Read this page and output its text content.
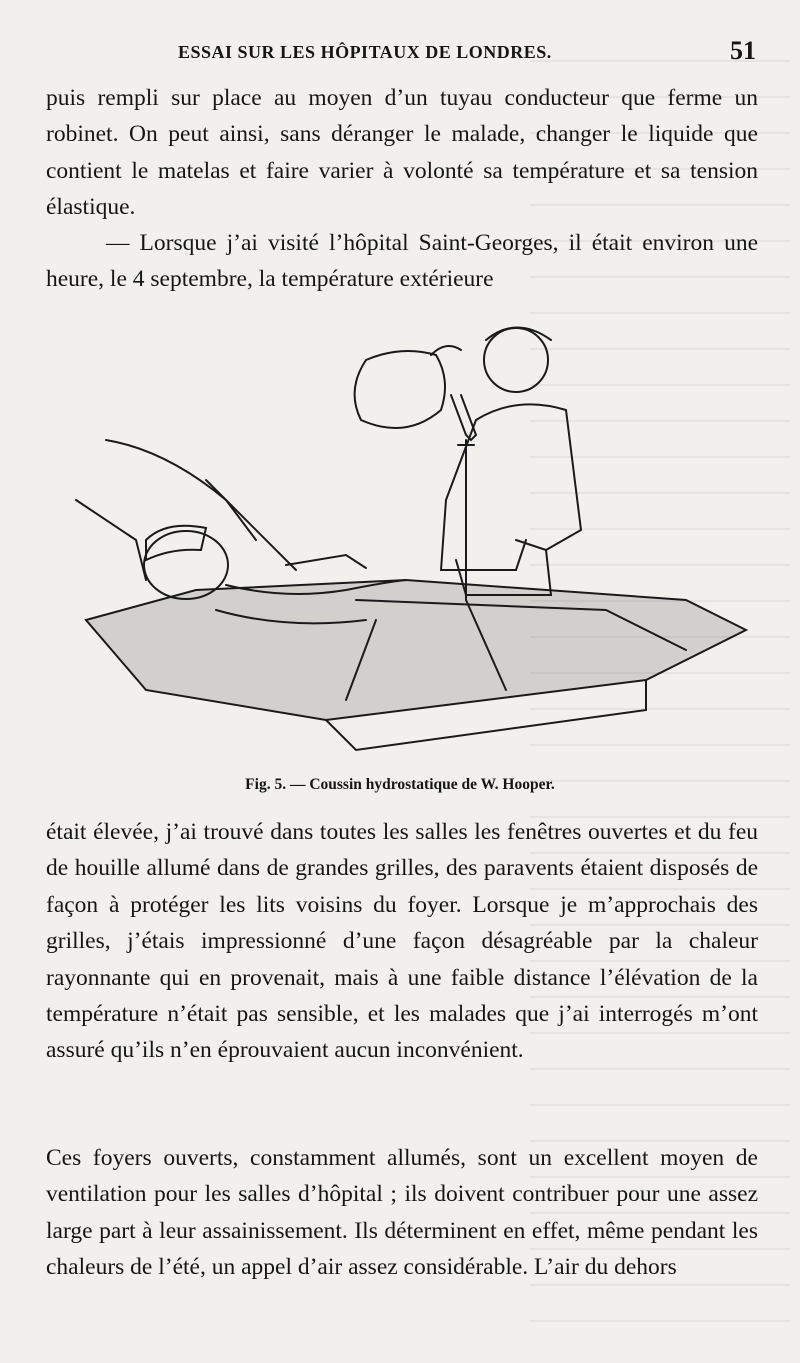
ESSAI SUR LES HÔPITAUX DE LONDRES.	51

puis rempli sur place au moyen d’un tuyau conducteur que ferme un robinet. On peut ainsi, sans déranger le malade, changer le liquide que contient le matelas et faire varier à volonté sa température et sa tension élastique.

— Lorsque j’ai visité l’hôpital Saint-Georges, il était environ une heure, le 4 septembre, la température extérieure

Fig. 5. — Coussin hydrostatique de W. Hooper.

était élevée, j’ai trouvé dans toutes les salles les fenêtres ouvertes et du feu de houille allumé dans de grandes grilles, des paravents étaient disposés de façon à protéger les lits voisins du foyer. Lorsque je m’approchais des grilles, j’étais impressionné d’une façon désagréable par la chaleur rayonnante qui en provenait, mais à une faible distance l’élévation de la température n’était pas sensible, et les malades que j’ai interrogés m’ont assuré qu’ils n’en éprouvaient aucun inconvénient.

Ces foyers ouverts, constamment allumés, sont un excellent moyen de ventilation pour les salles d’hôpital ; ils doivent contribuer pour une assez large part à leur assainissement. Ils déterminent en effet, même pendant les chaleurs de l’été, un appel d’air assez considérable. L’air du dehors
